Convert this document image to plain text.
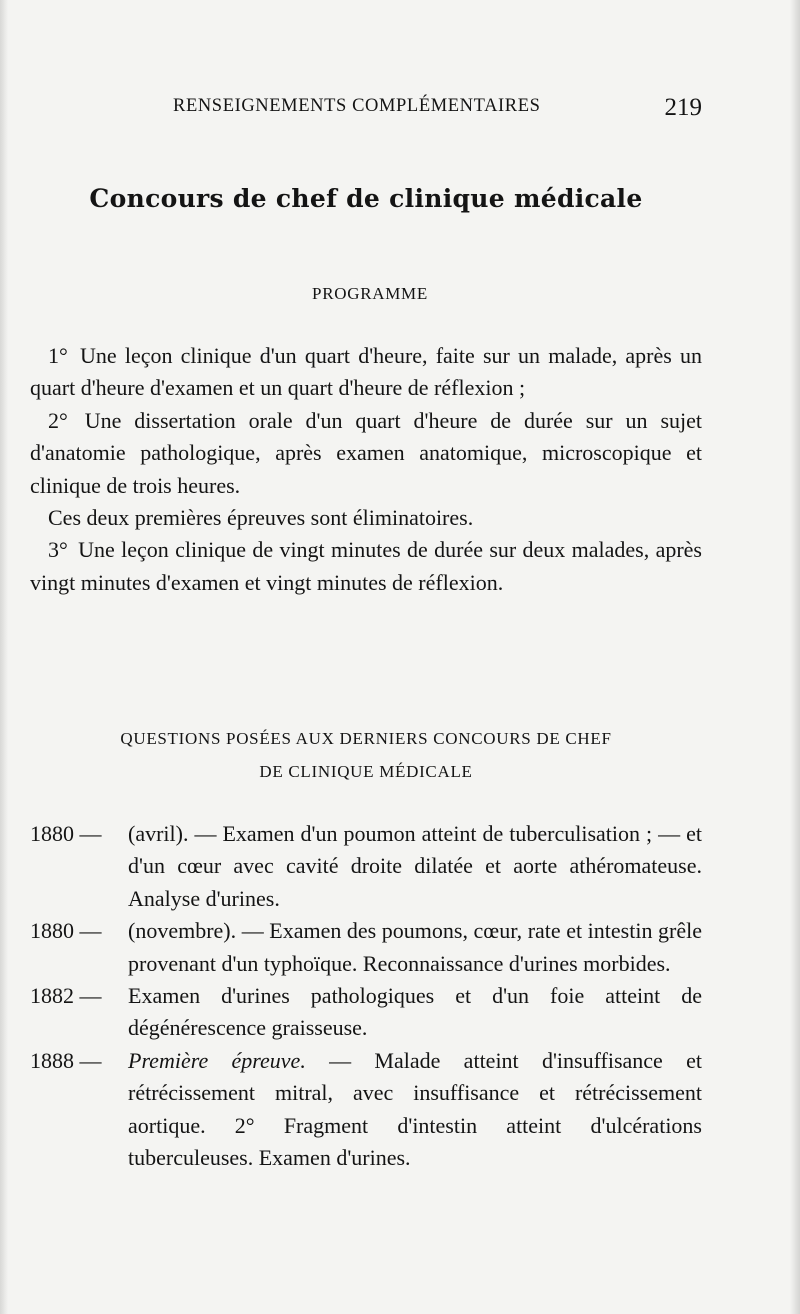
RENSEIGNEMENTS COMPLÉMENTAIRES	219
Concours de chef de clinique médicale
PROGRAMME
1° Une leçon clinique d'un quart d'heure, faite sur un malade, après un quart d'heure d'examen et un quart d'heure de réflexion ;
2° Une dissertation orale d'un quart d'heure de durée sur un sujet d'anatomie pathologique, après examen anatomique, microscopique et clinique de trois heures.
Ces deux premières épreuves sont éliminatoires.
3° Une leçon clinique de vingt minutes de durée sur deux malades, après vingt minutes d'examen et vingt minutes de réflexion.
QUESTIONS POSÉES AUX DERNIERS CONCOURS DE CHEF
DE CLINIQUE MÉDICALE
1880 —	(avril). — Examen d'un poumon atteint de tuberculisation ; — et d'un cœur avec cavité droite dilatée et aorte athéromateuse. Analyse d'urines.
1880 —	(novembre). — Examen des poumons, cœur, rate et intestin grêle provenant d'un typhoïque. Reconnaissance d'urines morbides.
1882 —	Examen d'urines pathologiques et d'un foie atteint de dégénérescence graisseuse.
1888 —	Première épreuve. — Malade atteint d'insuffisance et rétrécissement mitral, avec insuffisance et rétrécissement aortique. 2° Fragment d'intestin atteint d'ulcérations tuberculeuses. Examen d'urines.
